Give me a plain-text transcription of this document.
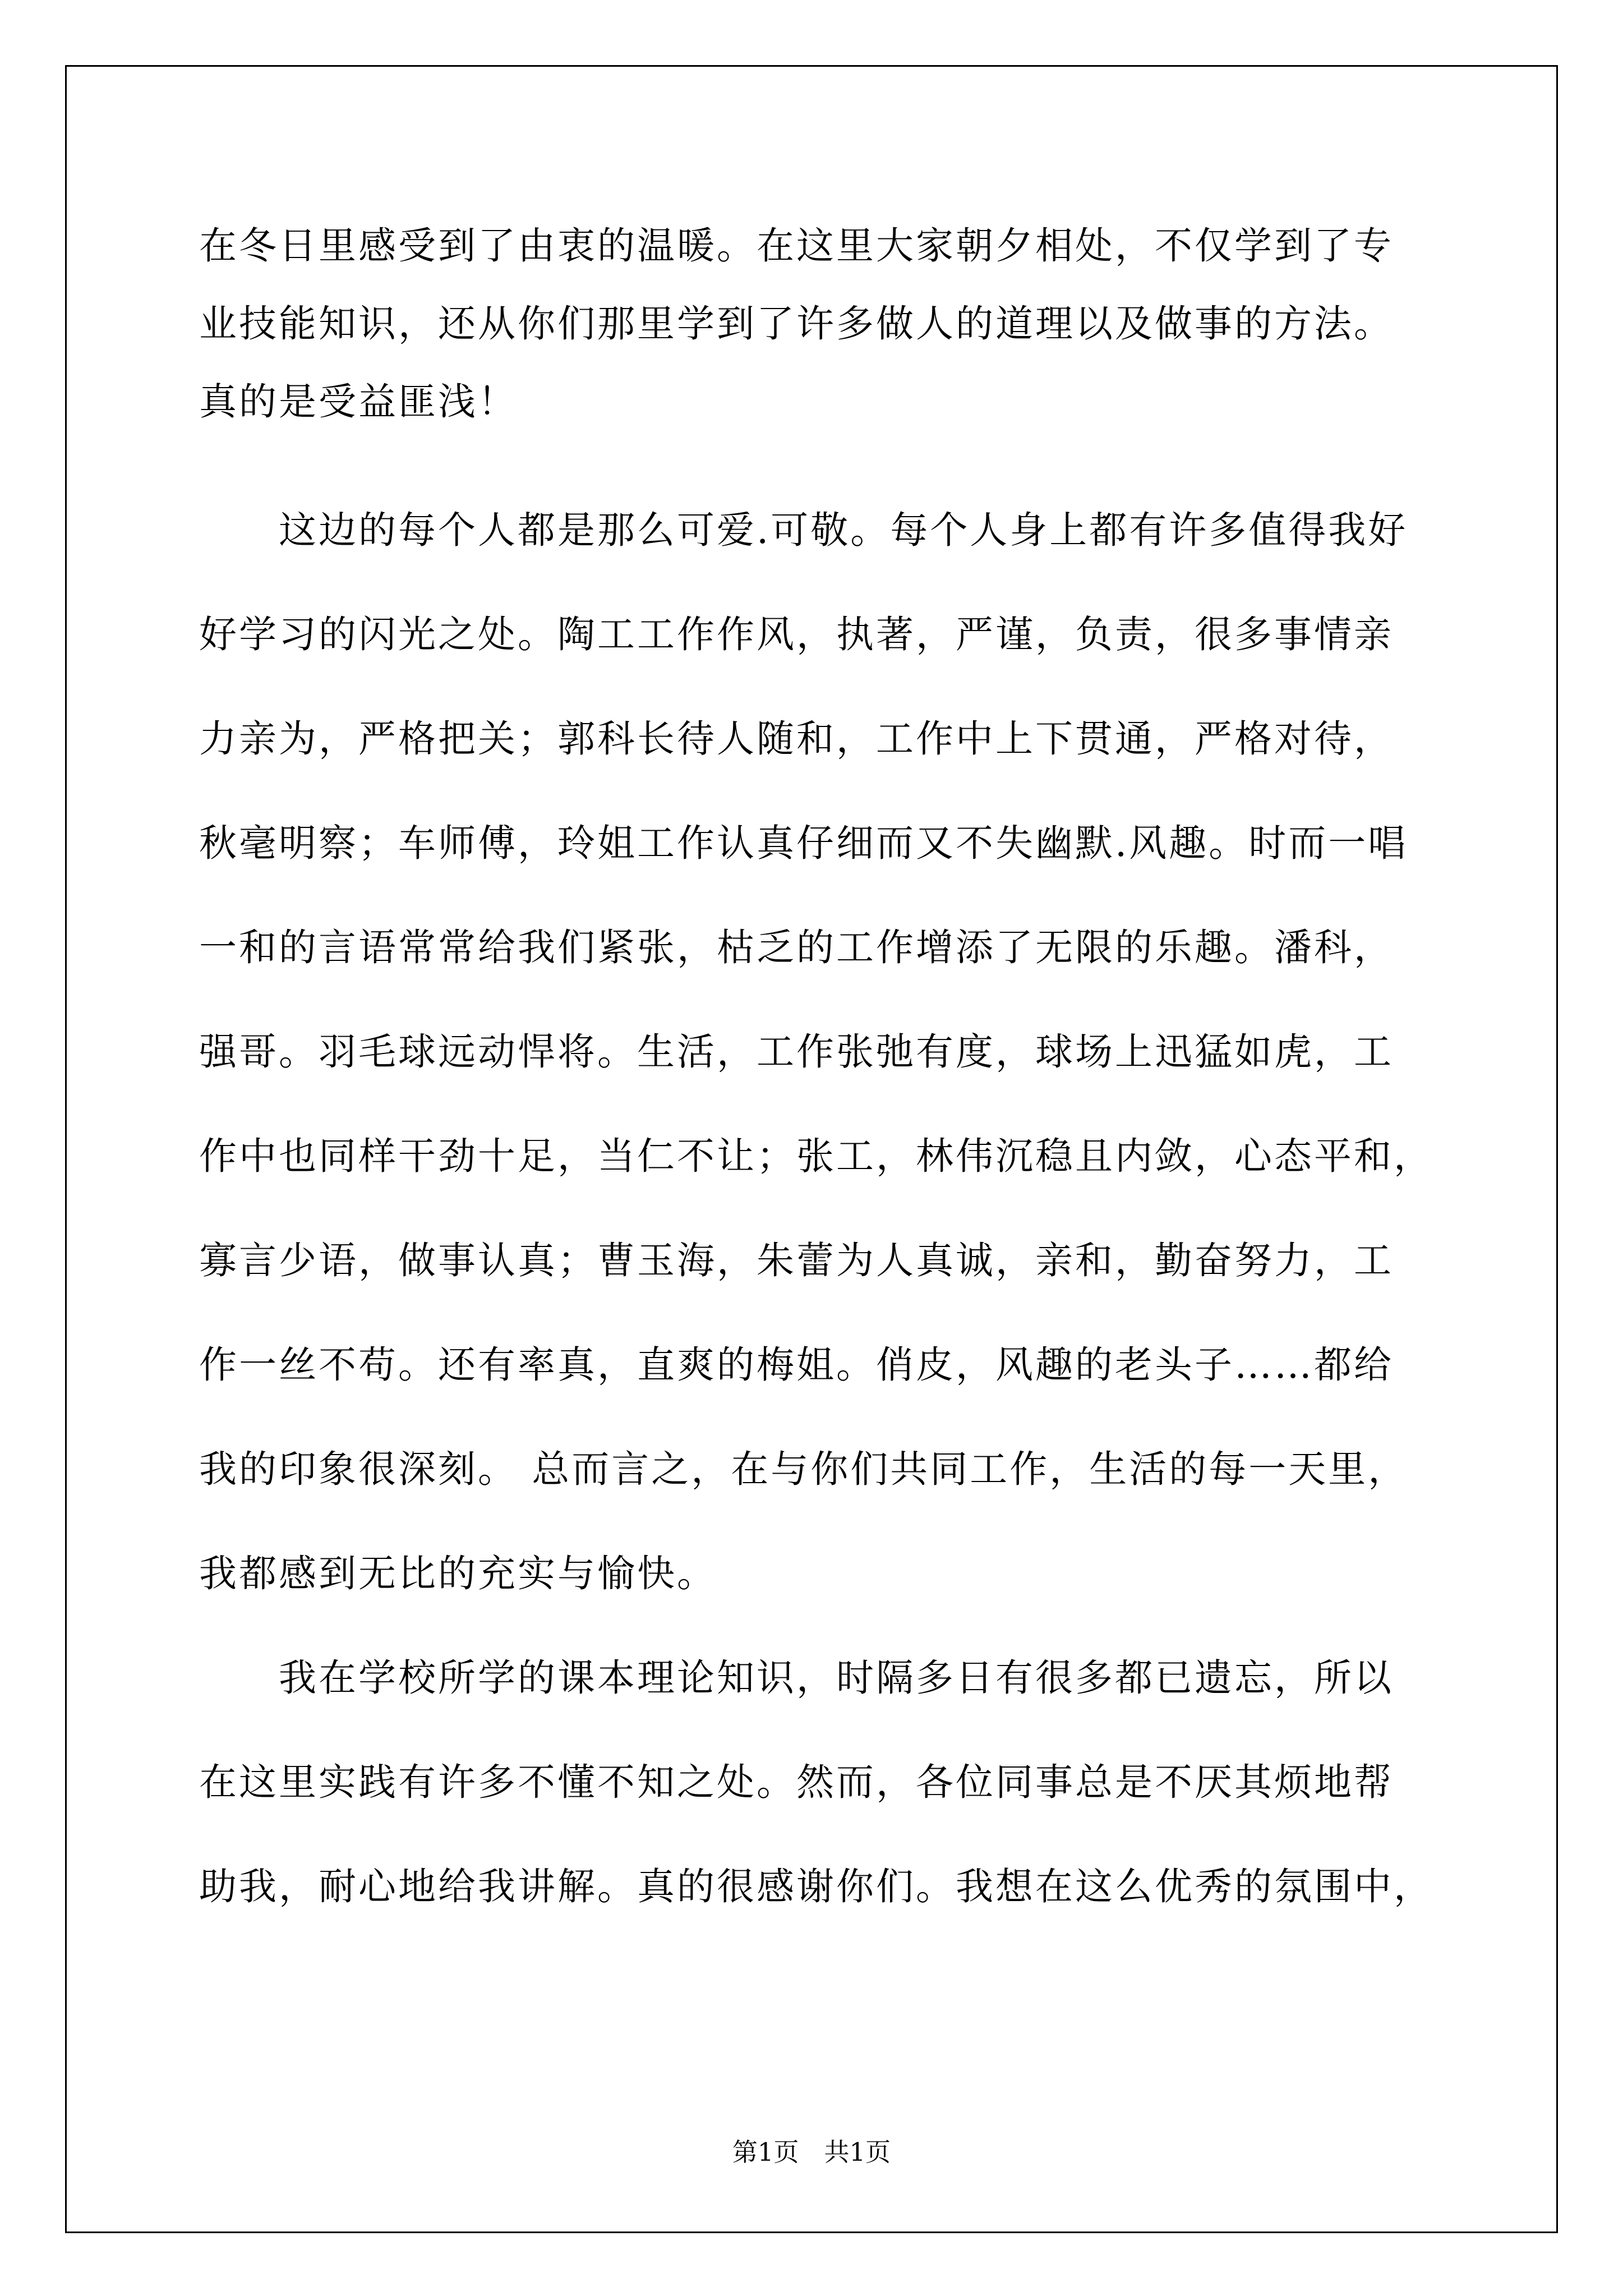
在冬日里感受到了由衷的温暖。在这里大家朝夕相处，不仅学到了专
业技能知识，还从你们那里学到了许多做人的道理以及做事的方法。
真的是受益匪浅！
　　这边的每个人都是那么可爱.可敬。每个人身上都有许多值得我好
好学习的闪光之处。陶工工作作风，执著，严谨，负责，很多事情亲
力亲为，严格把关；郭科长待人随和，工作中上下贯通，严格对待，
秋毫明察；车师傅，玲姐工作认真仔细而又不失幽默.风趣。时而一唱
一和的言语常常给我们紧张，枯乏的工作增添了无限的乐趣。潘科，
强哥。羽毛球远动悍将。生活，工作张弛有度，球场上迅猛如虎，工
作中也同样干劲十足，当仁不让；张工，林伟沉稳且内敛，心态平和，
寡言少语，做事认真；曹玉海，朱蕾为人真诚，亲和，勤奋努力，工
作一丝不苟。还有率真，直爽的梅姐。俏皮，风趣的老头子……都给
我的印象很深刻。 总而言之，在与你们共同工作，生活的每一天里，
我都感到无比的充实与愉快。
　　我在学校所学的课本理论知识，时隔多日有很多都已遗忘，所以
在这里实践有许多不懂不知之处。然而，各位同事总是不厌其烦地帮
助我，耐心地给我讲解。真的很感谢你们。我想在这么优秀的氛围中，
第1页　共1页
